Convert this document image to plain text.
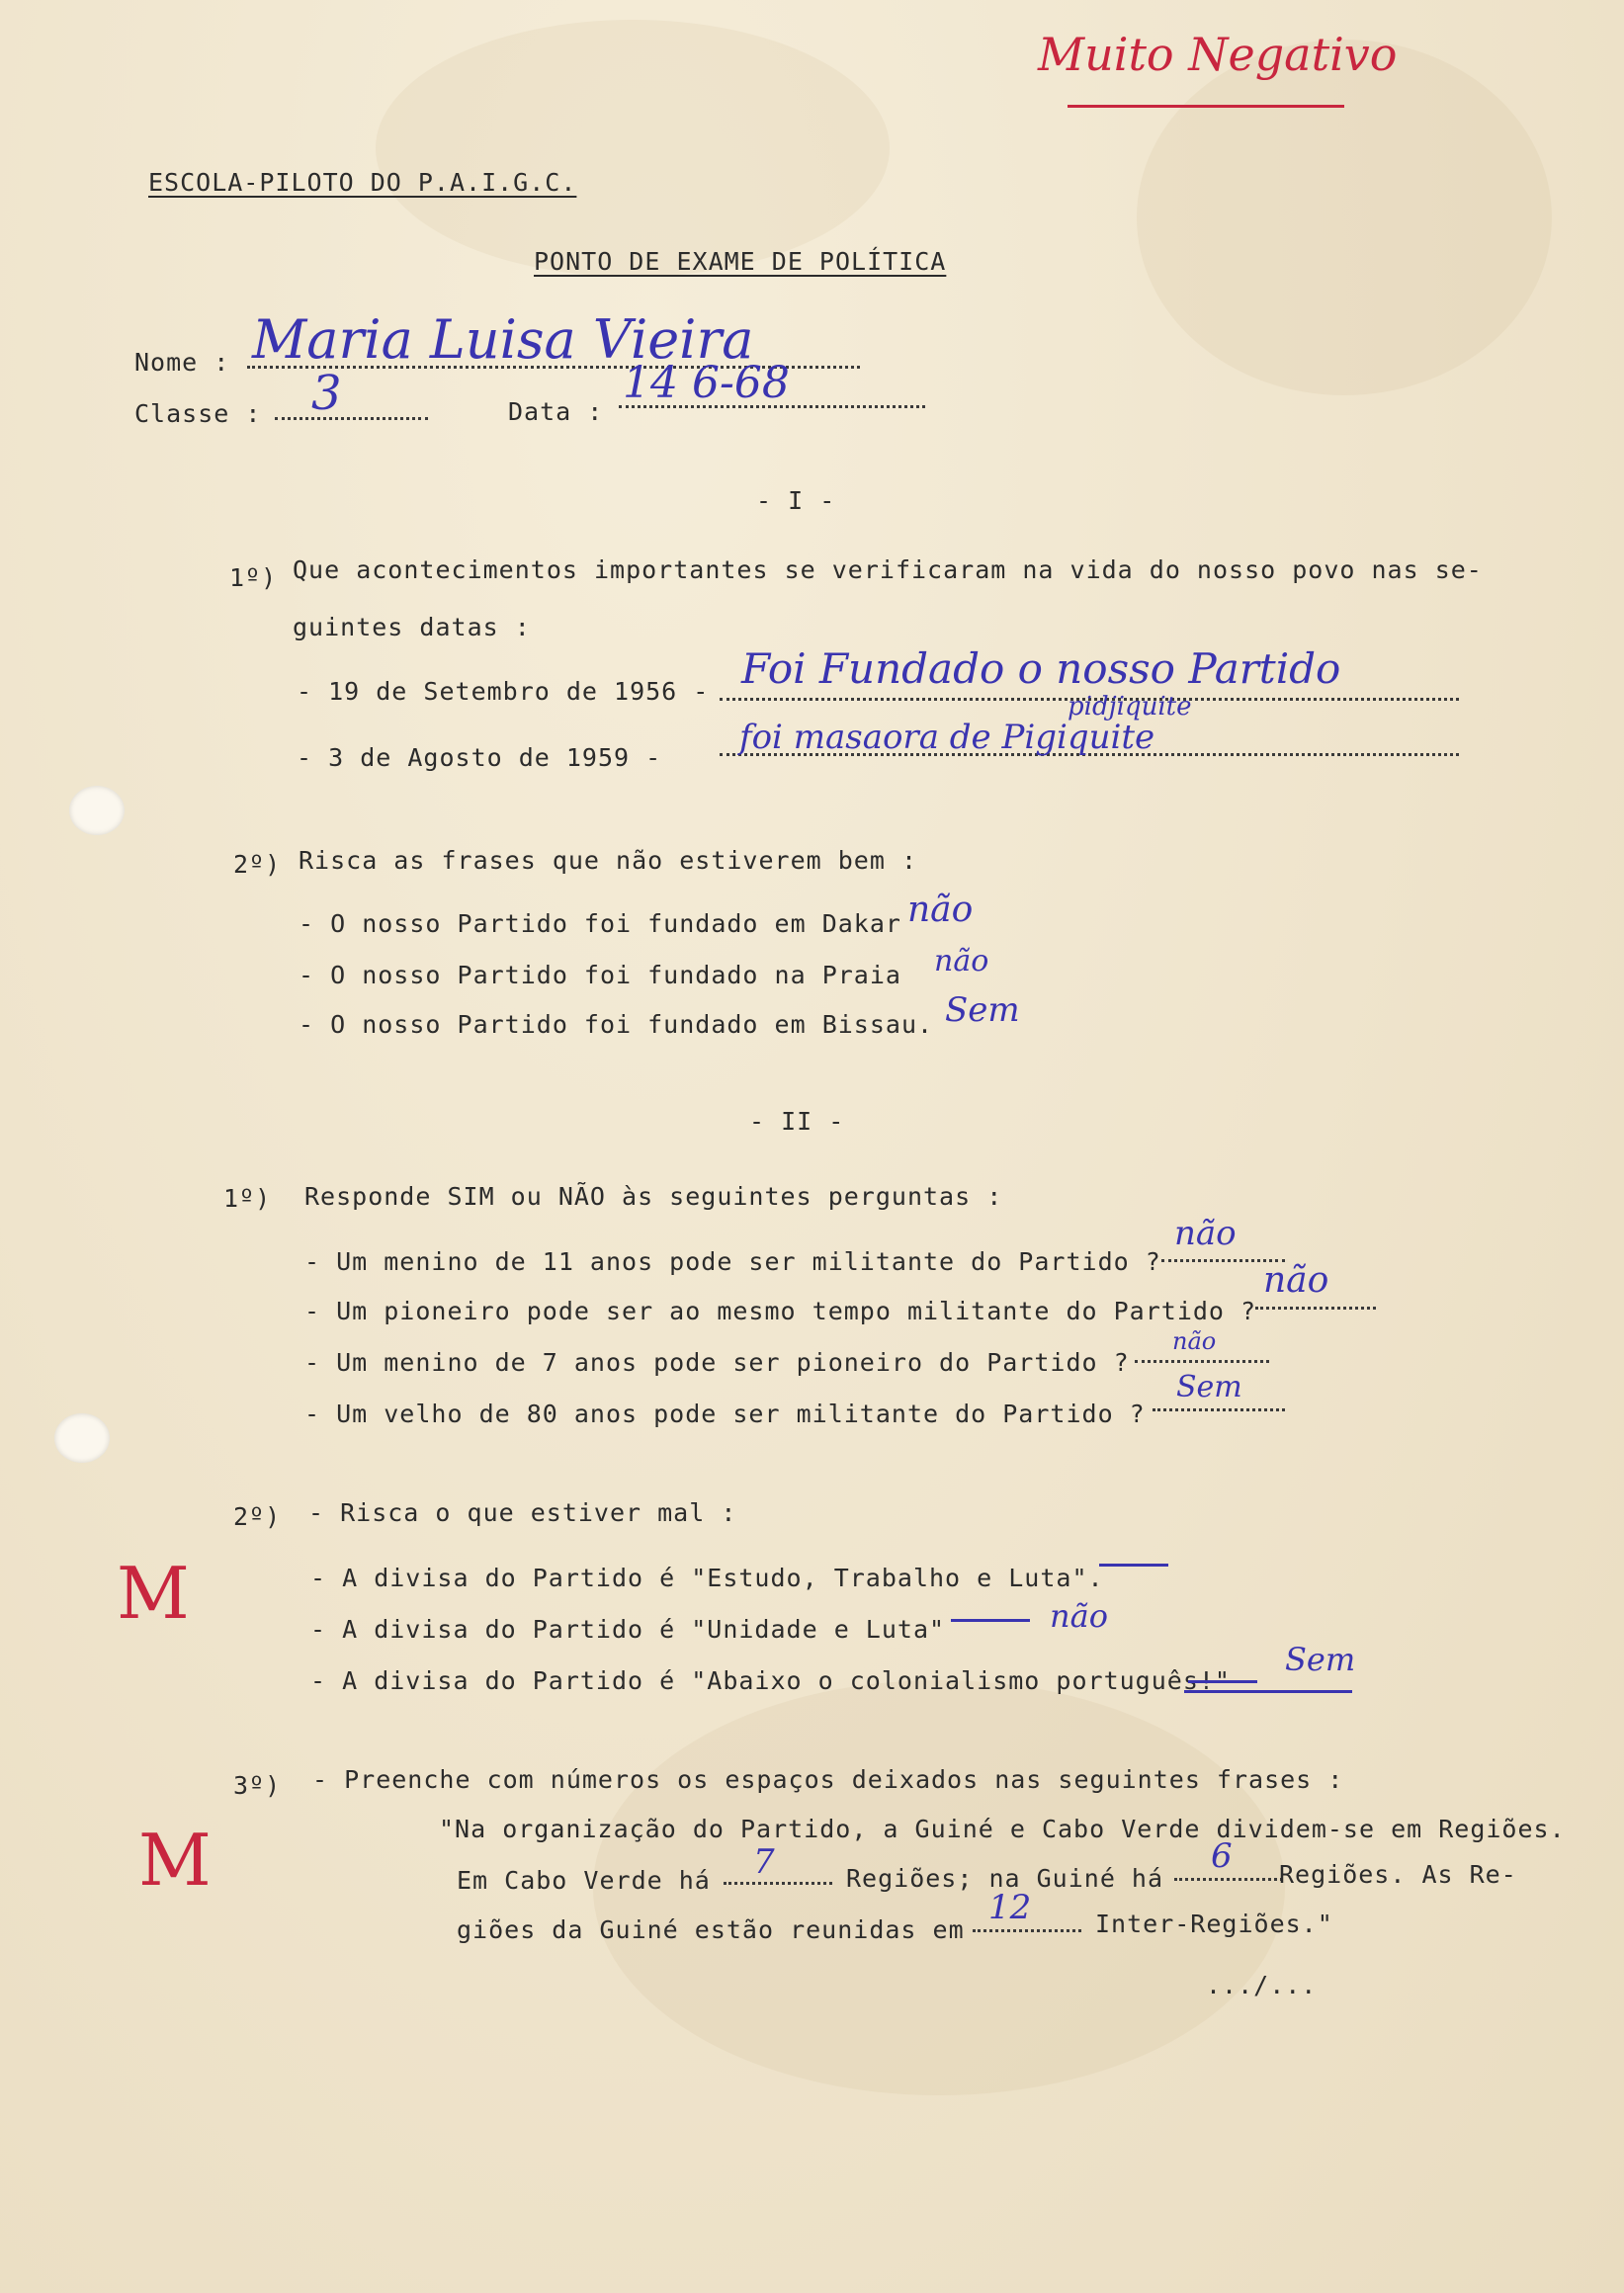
Muito Negativo
ESCOLA-PILOTO DO P.A.I.G.C.
PONTO DE EXAME DE POLÍTICA
Nome : Maria Luisa Vieira
Classe : 3	Data :
14 6-68
- I -
1º) Que acontecimentos importantes se verificaram na vida do nosso povo nas se-
guintes datas :
- 19 de Setembro de 1956 - Foi Fundado o nosso Partido
pidjiquite
- 3 de Agosto de 1959 -
foi masaora de Pigiquite
2º) Risca as frases que não estiverem bem :
- O nosso Partido foi fundado em Dakar não
- O nosso Partido foi fundado na Praia não
- O nosso Partido foi fundado em Bissau. Sem
- II -
1º) Responde SIM ou NÃO às seguintes perguntas :
- Um menino de 11 anos pode ser militante do Partido ?
não
- Um pioneiro pode ser ao mesmo tempo militante do Partido ?
não
- Um menino de 7 anos pode ser pioneiro do Partido ?
não
- Um velho de 80 anos pode ser militante do Partido ?
Sem
2º) - Risca o que estiver mal :
M	- A divisa do Partido é "Estudo, Trabalho e Luta".
- A divisa do Partido é "Unidade e Luta"	não
- A divisa do Partido é "Abaixo o colonialismo português!"
Sem
3º) - Preenche com números os espaços deixados nas seguintes frases :
M	"Na organização do Partido, a Guiné e Cabo Verde dividem-se em Regiões.
Em Cabo Verde há 7	Regiões; na Guiné há
6 Regiões. As Re-
giões da Guiné estão reunidas em
12	Inter-Regiões."
.../...
